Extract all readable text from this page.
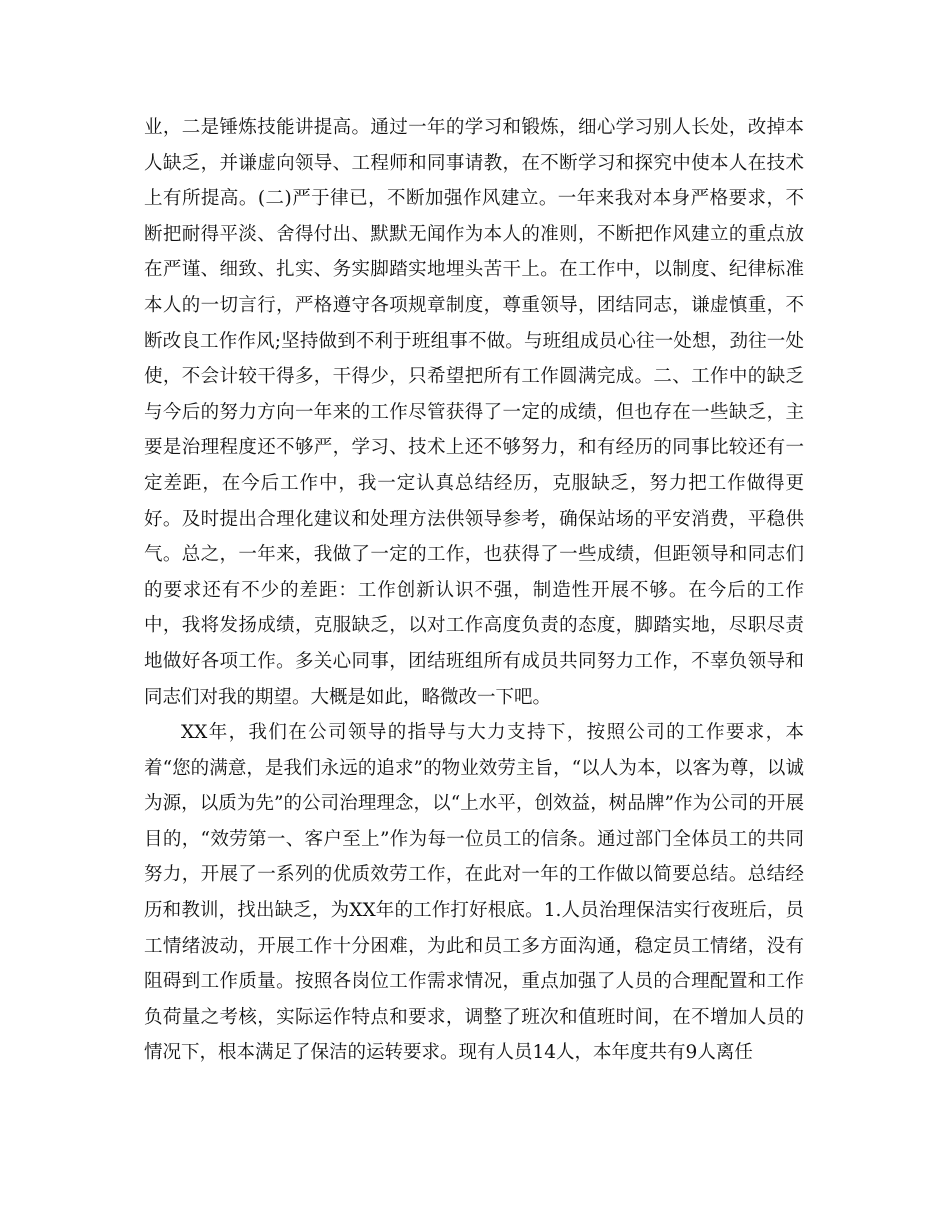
业，二是锤炼技能讲提高。通过一年的学习和锻炼，细心学习别人长处，改掉本人缺乏，并谦虚向领导、工程师和同事请教，在不断学习和探究中使本人在技术上有所提高。(二)严于律已，不断加强作风建立。一年来我对本身严格要求，不断把耐得平淡、舍得付出、默默无闻作为本人的准则，不断把作风建立的重点放在严谨、细致、扎实、务实脚踏实地埋头苦干上。在工作中，以制度、纪律标准本人的一切言行，严格遵守各项规章制度，尊重领导，团结同志，谦虚慎重，不断改良工作作风;坚持做到不利于班组事不做。与班组成员心往一处想，劲往一处使，不会计较干得多，干得少，只希望把所有工作圆满完成。二、工作中的缺乏与今后的努力方向一年来的工作尽管获得了一定的成绩，但也存在一些缺乏，主要是治理程度还不够严，学习、技术上还不够努力，和有经历的同事比较还有一定差距，在今后工作中，我一定认真总结经历，克服缺乏，努力把工作做得更好。及时提出合理化建议和处理方法供领导参考，确保站场的平安消费，平稳供气。总之，一年来，我做了一定的工作，也获得了一些成绩，但距领导和同志们的要求还有不少的差距：工作创新认识不强，制造性开展不够。在今后的工作中，我将发扬成绩，克服缺乏，以对工作高度负责的态度，脚踏实地，尽职尽责地做好各项工作。多关心同事，团结班组所有成员共同努力工作，不辜负领导和同志们对我的期望。大概是如此，略微改一下吧。

XX年，我们在公司领导的指导与大力支持下，按照公司的工作要求，本着“您的满意，是我们永远的追求”的物业效劳主旨，“以人为本，以客为尊，以诚为源，以质为先”的公司治理理念，以“上水平，创效益，树品牌”作为公司的开展目的，“效劳第一、客户至上”作为每一位员工的信条。通过部门全体员工的共同努力，开展了一系列的优质效劳工作，在此对一年的工作做以简要总结。总结经历和教训，找出缺乏，为XX年的工作打好根底。1.人员治理保洁实行夜班后，员工情绪波动，开展工作十分困难，为此和员工多方面沟通，稳定员工情绪，没有阻碍到工作质量。按照各岗位工作需求情况，重点加强了人员的合理配置和工作负荷量之考核，实际运作特点和要求，调整了班次和值班时间，在不增加人员的情况下，根本满足了保洁的运转要求。现有人员14人，本年度共有9人离任
